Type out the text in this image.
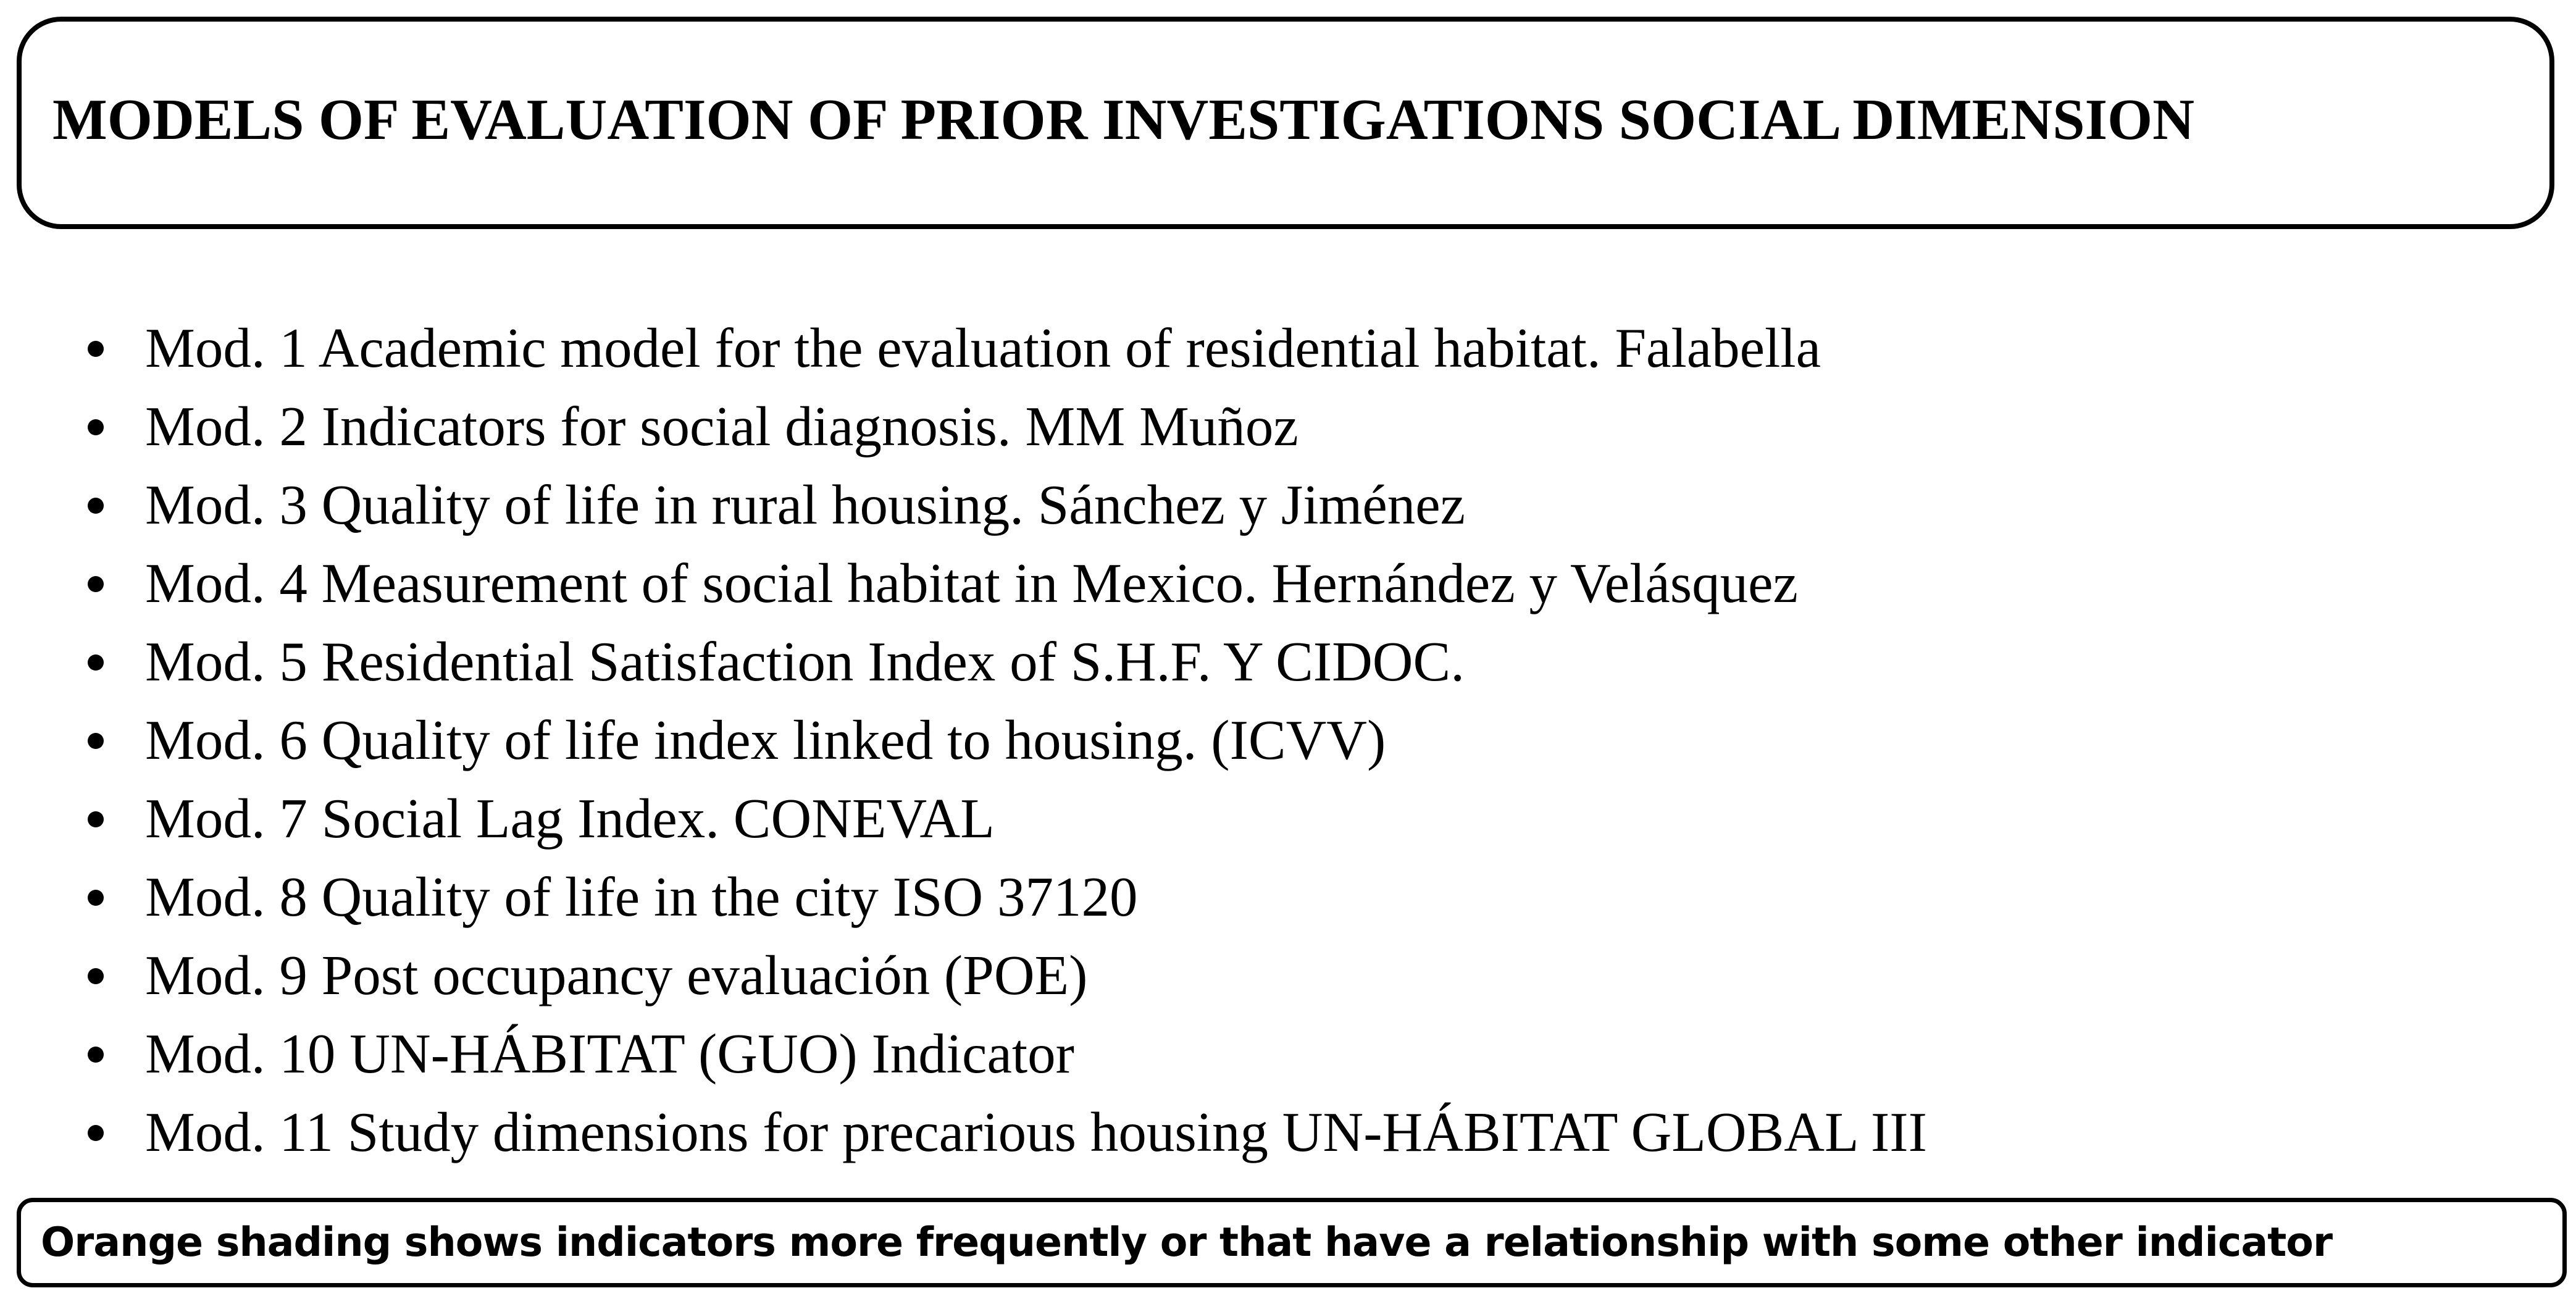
MODELS OF EVALUATION OF PRIOR INVESTIGATIONS SOCIAL DIMENSION
Mod. 1 Academic model for the evaluation of residential habitat. Falabella
Mod. 2 Indicators for social diagnosis. MM Muñoz
Mod. 3 Quality of life in rural housing. Sánchez y Jiménez
Mod. 4 Measurement of social habitat in Mexico. Hernández y Velásquez
Mod. 5 Residential Satisfaction Index of S.H.F. Y CIDOC.
Mod. 6 Quality of life index linked to housing. (ICVV)
Mod. 7 Social Lag Index. CONEVAL
Mod. 8 Quality of life in the city ISO 37120
Mod. 9 Post occupancy evaluación (POE)
Mod. 10 UN-HÁBITAT (GUO) Indicator
Mod. 11 Study dimensions for precarious housing UN-HÁBITAT GLOBAL III
Orange shading shows indicators more frequently or that have a relationship with some other indicator
